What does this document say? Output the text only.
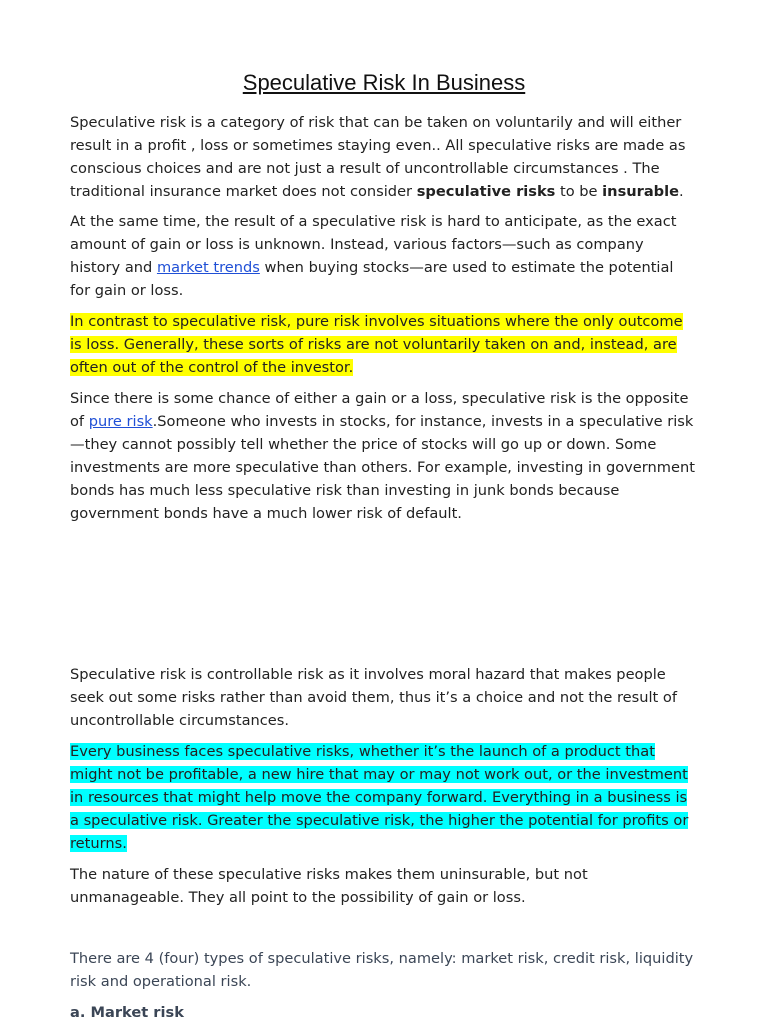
Speculative Risk In Business

Speculative risk is a category of risk that can be taken on voluntarily and will either result in a profit , loss or sometimes staying even.. All speculative risks are made as conscious choices and are not just a result of uncontrollable circumstances . The traditional insurance market does not consider speculative risks to be insurable.

At the same time, the result of a speculative risk is hard to anticipate, as the exact amount of gain or loss is unknown. Instead, various factors—such as company history and market trends when buying stocks—are used to estimate the potential for gain or loss.

In contrast to speculative risk, pure risk involves situations where the only outcome is loss. Generally, these sorts of risks are not voluntarily taken on and, instead, are often out of the control of the investor.

Since there is some chance of either a gain or a loss, speculative risk is the opposite of pure risk.Someone who invests in stocks, for instance, invests in a speculative risk—they cannot possibly tell whether the price of stocks will go up or down. Some investments are more speculative than others. For example, investing in government bonds has much less speculative risk than investing in junk bonds because government bonds have a much lower risk of default.

Speculative risk is controllable risk as it involves moral hazard that makes people seek out some risks rather than avoid them, thus it’s a choice and not the result of uncontrollable circumstances.

Every business faces speculative risks, whether it’s the launch of a product that might not be profitable, a new hire that may or may not work out, or the investment in resources that might help move the company forward. Everything in a business is a speculative risk. Greater the speculative risk, the higher the potential for profits or returns.

The nature of these speculative risks makes them uninsurable, but not unmanageable. They all point to the possibility of gain or loss.

There are 4 (four) types of speculative risks, namely: market risk, credit risk, liquidity risk and operational risk.

a. Market risk
